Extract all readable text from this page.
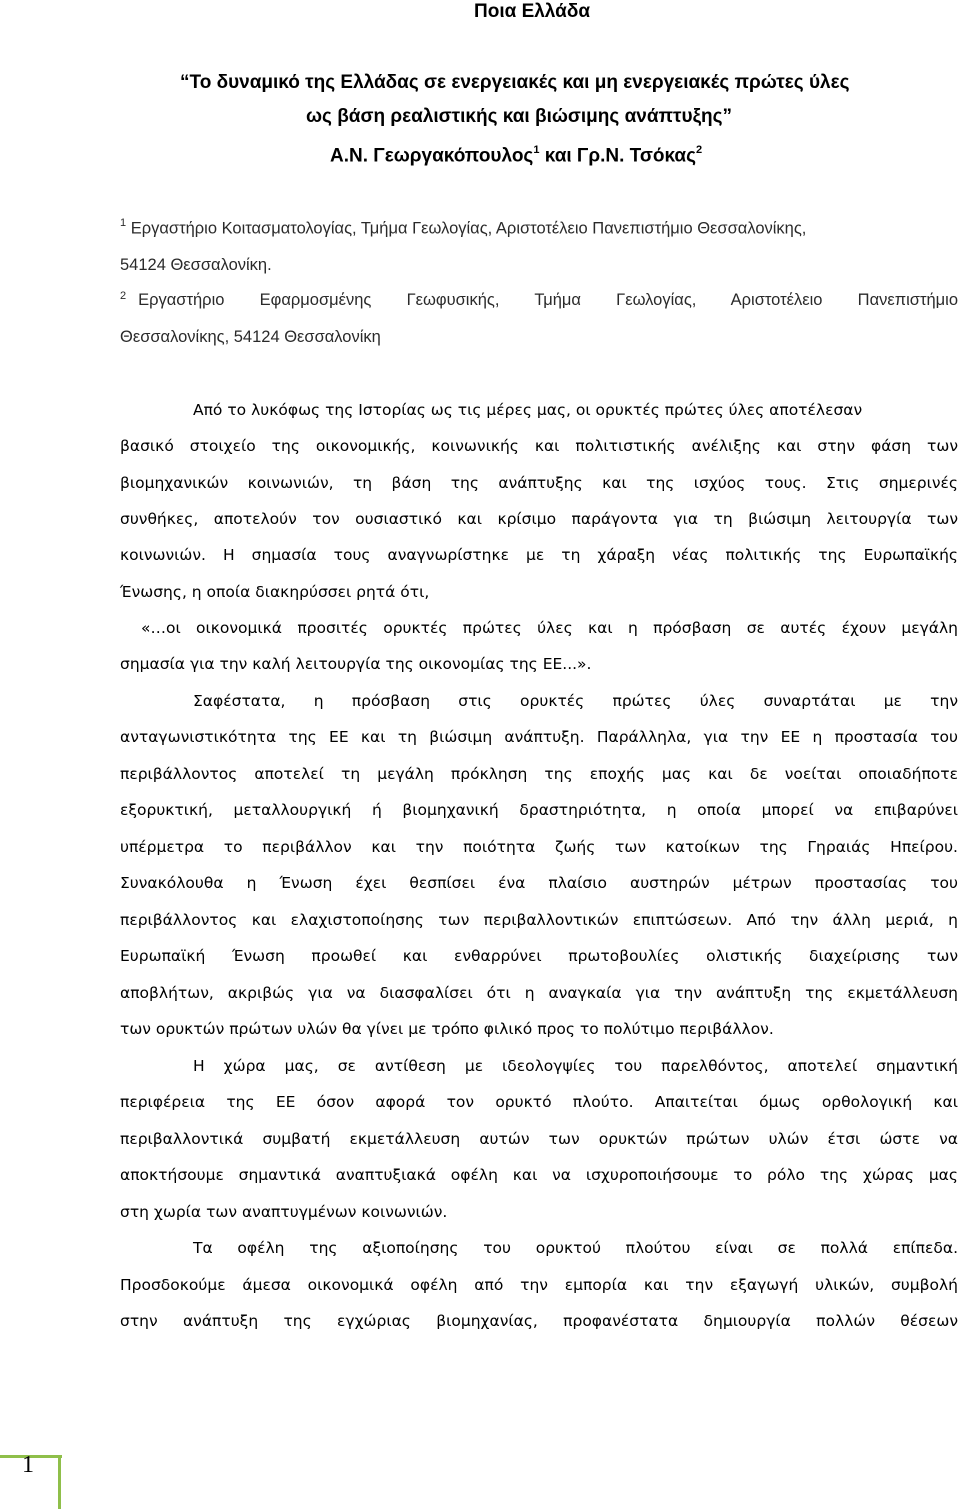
Ποια Ελλάδα
“Το δυναμικό της Ελλάδας σε ενεργειακές και μη ενεργειακές πρώτες ύλες
ως βάση ρεαλιστικής και βιώσιμης ανάπτυξης”
Α.Ν. Γεωργακόπουλος$^1$ και Γρ.Ν. Τσόκας$^2$
$^1$ Εργαστήριο Κοιτασματολογίας, Τμήμα Γεωλογίας, Αριστοτέλειο Πανεπιστήμιο Θεσσαλονίκης,
54124 Θεσσαλονίκη.
$^2$ Εργαστήριο Εφαρμοσμένης Γεωφυσικής, Τμήμα Γεωλογίας, Αριστοτέλειο Πανεπιστήμιο
Θεσσαλονίκης, 54124 Θεσσαλονίκη
Από το λυκόφως της Ιστορίας ως τις μέρες μας, οι ορυκτές πρώτες ύλες αποτέλεσαν
βασικό στοιχείο της οικονομικής, κοινωνικής και πολιτιστικής ανέλιξης και στην φάση των
βιομηχανικών κοινωνιών, τη βάση της ανάπτυξης και της ισχύος τους. Στις σημερινές
συνθήκες, αποτελούν τον ουσιαστικό και κρίσιμο παράγοντα για τη βιώσιμη λειτουργία των
κοινωνιών. Η σημασία τους αναγνωρίστηκε με τη χάραξη νέας πολιτικής της Ευρωπαϊκής
Ένωσης, η οποία διακηρύσσει ρητά ότι,
«…οι οικονομικά προσιτές ορυκτές πρώτες ύλες και η πρόσβαση σε αυτές έχουν μεγάλη
σημασία για την καλή λειτουργία της οικονομίας της ΕΕ...».
Σαφέστατα, η πρόσβαση στις ορυκτές πρώτες ύλες συναρτάται με την
ανταγωνιστικότητα της ΕΕ και τη βιώσιμη ανάπτυξη. Παράλληλα, για την ΕΕ η προστασία του
περιβάλλοντος αποτελεί τη μεγάλη πρόκληση της εποχής μας και δε νοείται οποιαδήποτε
εξορυκτική, μεταλλουργική ή βιομηχανική δραστηριότητα, η οποία μπορεί να επιβαρύνει
υπέρμετρα το περιβάλλον και την ποιότητα ζωής των κατοίκων της Γηραιάς Ηπείρου.
Συνακόλουθα η Ένωση έχει θεσπίσει ένα πλαίσιο αυστηρών μέτρων προστασίας του
περιβάλλοντος και ελαχιστοποίησης των περιβαλλοντικών επιπτώσεων. Από την άλλη μεριά, η
Ευρωπαϊκή Ένωση προωθεί και ενθαρρύνει πρωτοβουλίες ολιστικής διαχείρισης των
αποβλήτων, ακριβώς για να διασφαλίσει ότι η αναγκαία για την ανάπτυξη της εκμετάλλευση
των ορυκτών πρώτων υλών θα γίνει με τρόπο φιλικό προς το πολύτιμο περιβάλλον.
Η χώρα μας, σε αντίθεση με ιδεολογψίες του παρελθόντος, αποτελεί σημαντική
περιφέρεια της ΕΕ όσον αφορά τον ορυκτό πλούτο. Απαιτείται όμως ορθολογική και
περιβαλλοντικά συμβατή εκμετάλλευση αυτών των ορυκτών πρώτων υλών έτσι ώστε να
αποκτήσουμε σημαντικά αναπτυξιακά οφέλη και να ισχυροποιήσουμε το ρόλο της χώρας μας
στη χωρία των αναπτυγμένων κοινωνιών.
Τα οφέλη της αξιοποίησης του ορυκτού πλούτου είναι σε πολλά επίπεδα.
Προσδοκούμε άμεσα οικονομικά οφέλη από την εμπορία και την εξαγωγή υλικών, συμβολή
στην ανάπτυξη της εγχώριας βιομηχανίας, προφανέστατα δημιουργία πολλών θέσεων
1
